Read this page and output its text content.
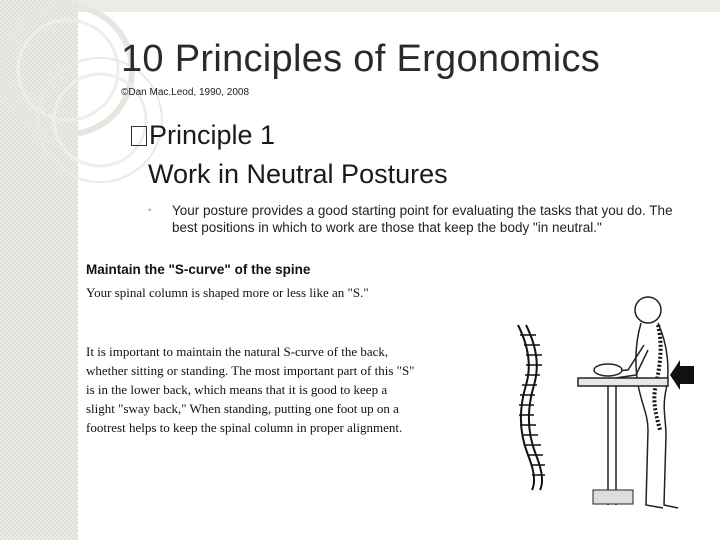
10 Principles of Ergonomics
©Dan Mac.Leod, 1990, 2008
Principle 1
Work in Neutral Postures
◦ Your posture provides a good starting point for evaluating the tasks that you do. The best positions in which to work are those that keep the body "in neutral."
Maintain the "S-curve" of the spine
Your spinal column is shaped more or less like an "S."
It is important to maintain the natural S-curve of the back, whether sitting or standing. The most important part of this "S" is in the lower back, which means that it is good to keep a slight "sway back," When standing, putting one foot up on a footrest helps to keep the spinal column in proper alignment.
